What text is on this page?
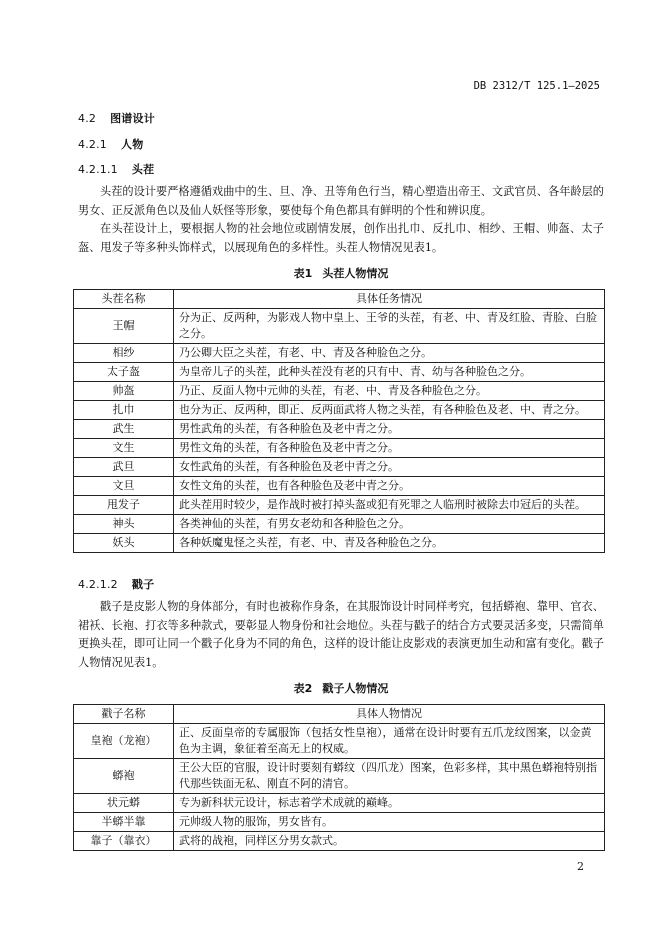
DB 2312/T 125.1—2025
4.2 图谱设计
4.2.1 人物
4.2.1.1 头茬
头茬的设计要严格遵循戏曲中的生、旦、净、丑等角色行当，精心塑造出帝王、文武官员、各年龄层的男女、正反派角色以及仙人妖怪等形象，要使每个角色都具有鲜明的个性和辨识度。
在头茬设计上，要根据人物的社会地位或剧情发展，创作出扎巾、反扎巾、相纱、王帽、帅盔、太子盔、甩发子等多种头饰样式，以展现角色的多样性。头茬人物情况见表1。
表1 头茬人物情况
头茬名称	具体任务情况
王帽	分为正、反两种，为影戏人物中皇上、王爷的头茬，有老、中、青及红脸、青脸、白脸之分。
相纱	乃公卿大臣之头茬，有老、中、青及各种脸色之分。
太子盔	为皇帝儿子的头茬，此种头茬没有老的只有中、青、幼与各种脸色之分。
帅盔	乃正、反面人物中元帅的头茬，有老、中、青及各种脸色之分。
扎巾	也分为正、反两种，即正、反两面武将人物之头茬，有各种脸色及老、中、青之分。
武生	男性武角的头茬，有各种脸色及老中青之分。
文生	男性文角的头茬，有各种脸色及老中青之分。
武旦	女性武角的头茬，有各种脸色及老中青之分。
文旦	女性文角的头茬，也有各种脸色及老中青之分。
甩发子	此头茬用时较少，是作战时被打掉头盔或犯有死罪之人临刑时被除去巾冠后的头茬。
神头	各类神仙的头茬，有男女老幼和各种脸色之分。
妖头	各种妖魔鬼怪之头茬，有老、中、青及各种脸色之分。
4.2.1.2 戳子
戳子是皮影人物的身体部分，有时也被称作身条，在其服饰设计时同样考究，包括蟒袍、靠甲、官衣、裙袄、长袍、打衣等多种款式，要彰显人物身份和社会地位。头茬与戳子的结合方式要灵活多变，只需简单更换头茬，即可让同一个戳子化身为不同的角色，这样的设计能让皮影戏的表演更加生动和富有变化。戳子人物情况见表1。
表2 戳子人物情况
戳子名称	具体人物情况
皇袍（龙袍）	正、反面皇帝的专属服饰（包括女性皇袍），通常在设计时要有五爪龙纹图案，以金黄色为主调，象征着至高无上的权威。
蟒袍	王公大臣的官服，设计时要刻有蟒纹（四爪龙）图案，色彩多样，其中黑色蟒袍特别指代那些铁面无私、刚直不阿的清官。
状元蟒	专为新科状元设计，标志着学术成就的巅峰。
半蟒半靠	元帅级人物的服饰，男女皆有。
靠子（靠衣）	武将的战袍，同样区分男女款式。
2
